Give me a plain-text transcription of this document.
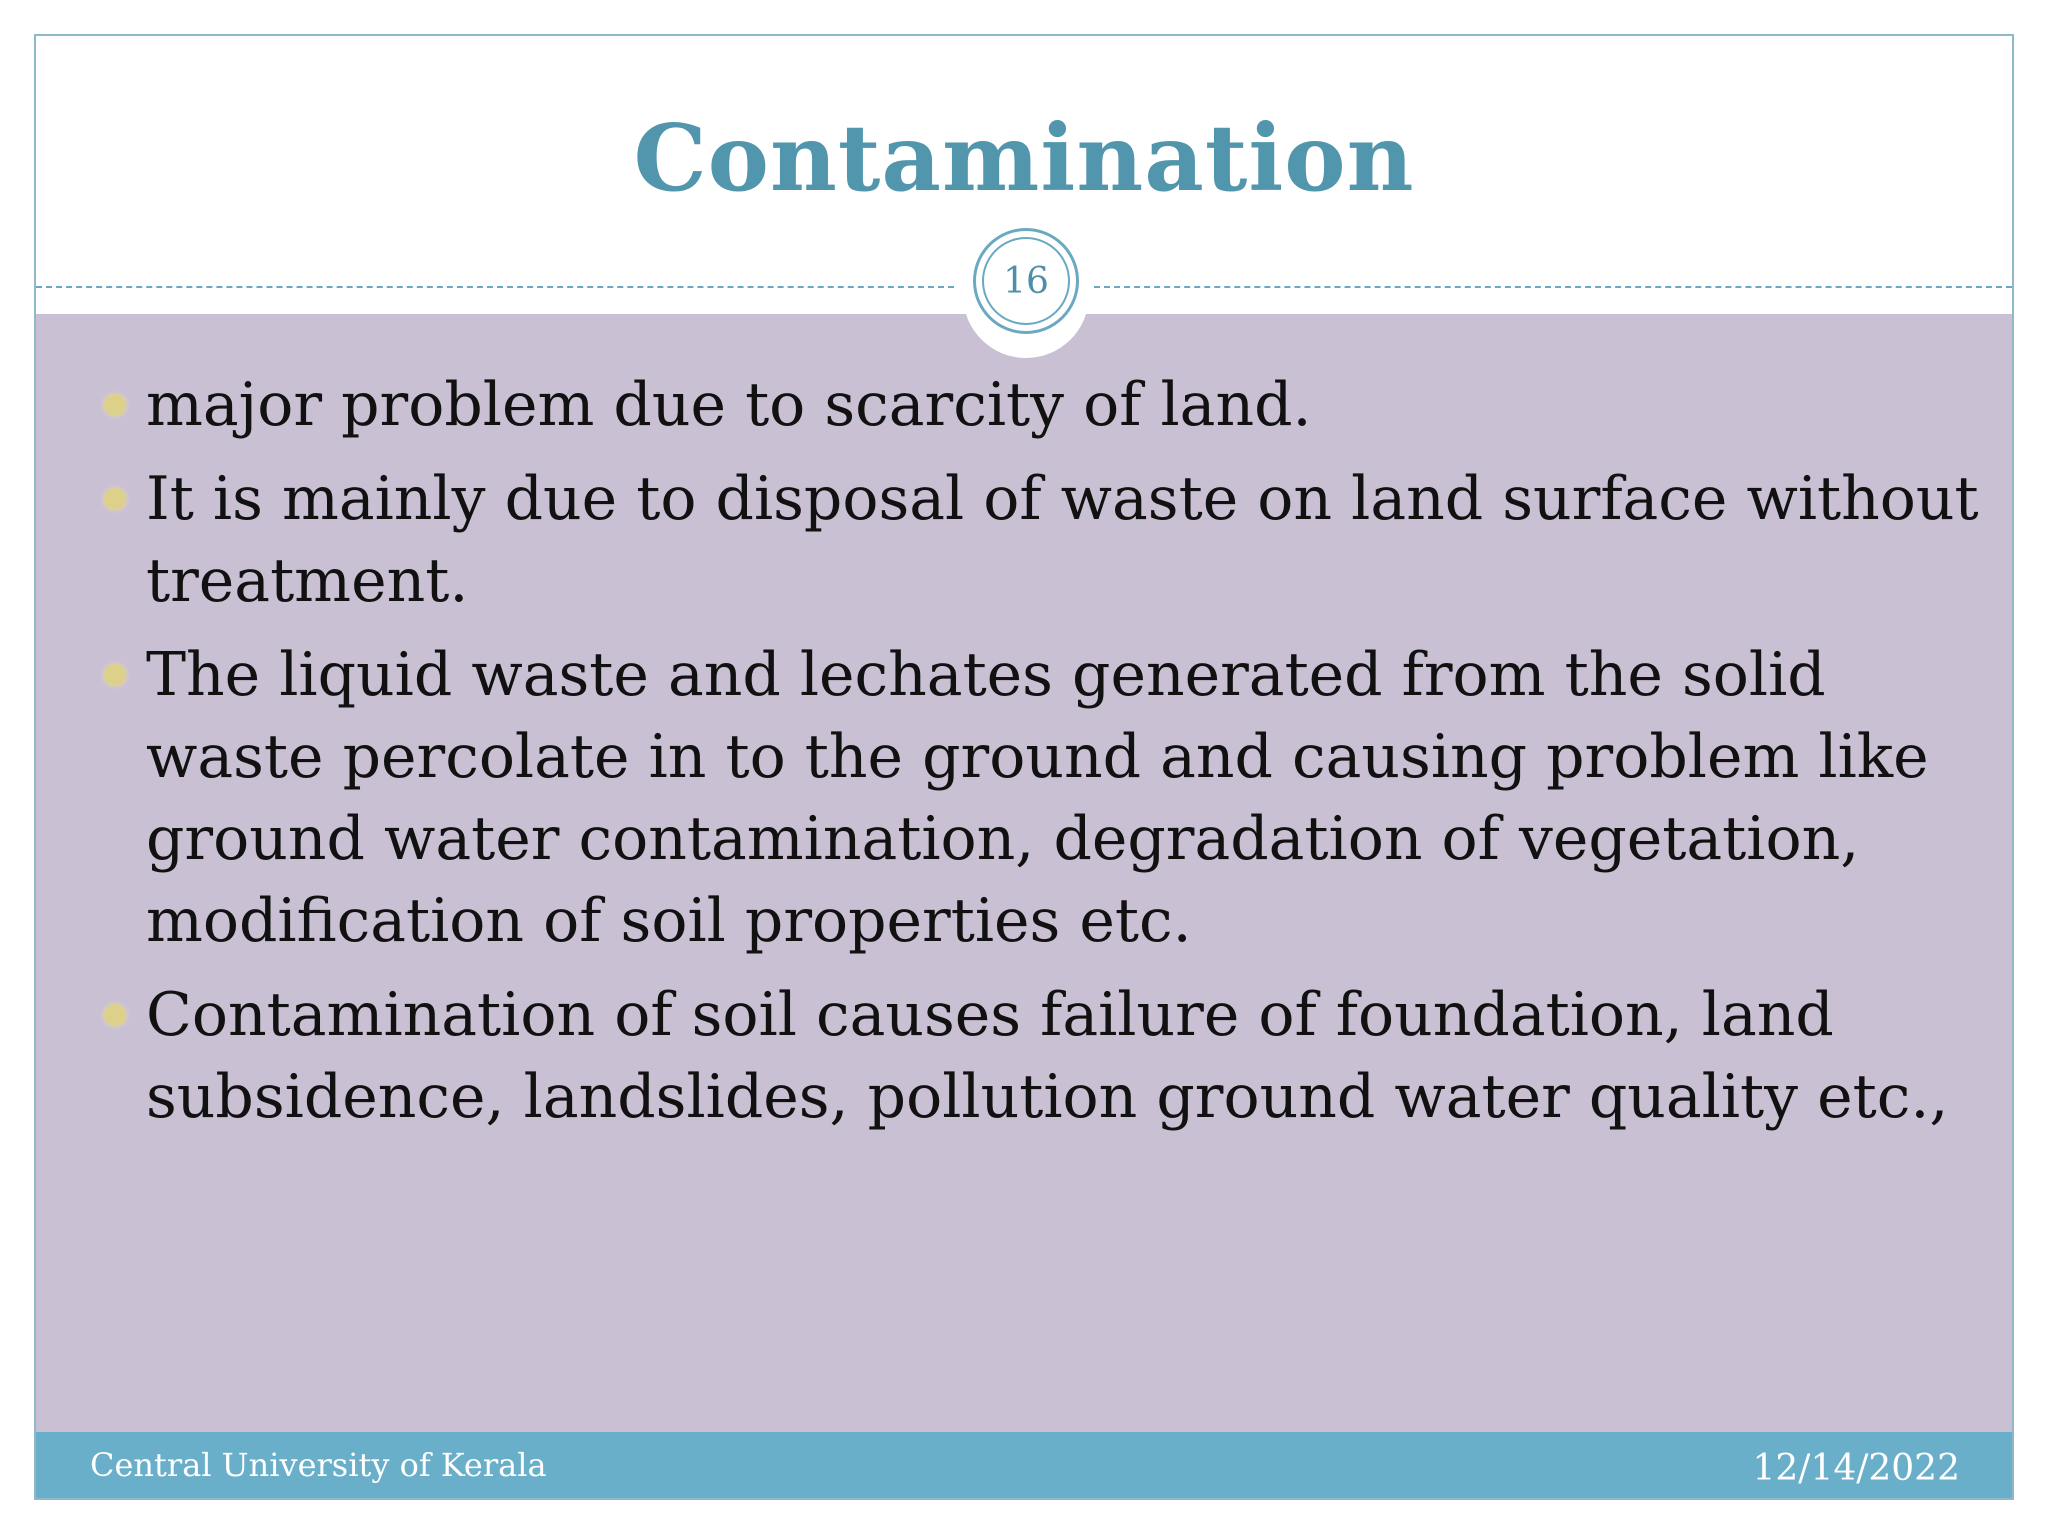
Contamination
16
major problem due to scarcity of land.
It is mainly due to disposal of waste on land surface without treatment.
The liquid waste and lechates generated from the solid waste percolate in to the ground and causing problem like ground water contamination, degradation of vegetation, modification of soil properties etc.
Contamination of soil causes failure of foundation, land subsidence, landslides, pollution ground water quality etc.,
Central University of Kerala	12/14/2022
